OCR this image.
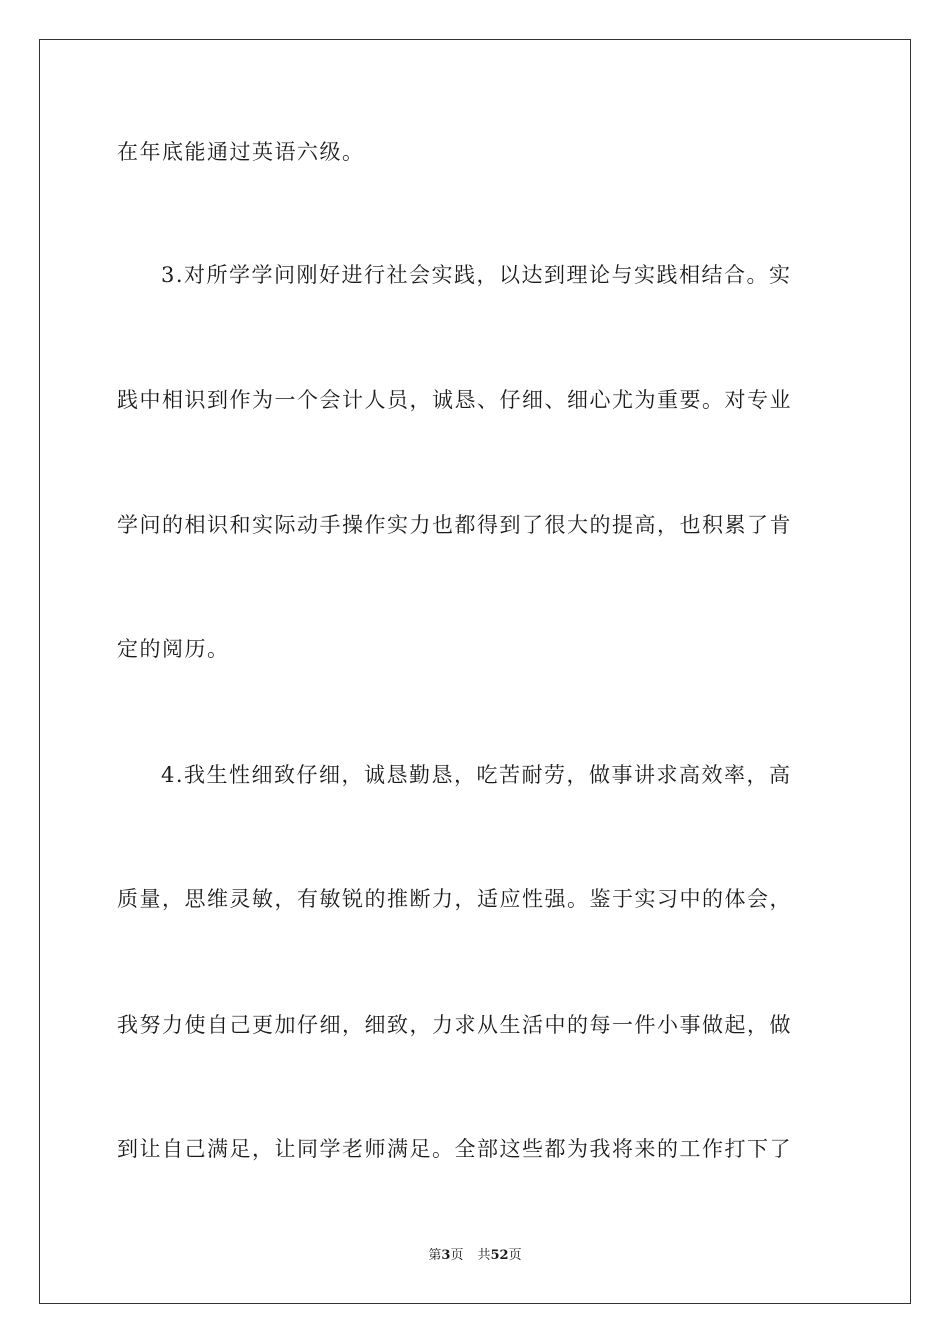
在年底能通过英语六级。
3.对所学学问刚好进行社会实践，以达到理论与实践相结合。实
践中相识到作为一个会计人员，诚恳、仔细、细心尤为重要。对专业
学问的相识和实际动手操作实力也都得到了很大的提高，也积累了肯
定的阅历。
4.我生性细致仔细，诚恳勤恳，吃苦耐劳，做事讲求高效率，高
质量，思维灵敏，有敏锐的推断力，适应性强。鉴于实习中的体会，
我努力使自己更加仔细，细致，力求从生活中的每一件小事做起，做
到让自己满足，让同学老师满足。全部这些都为我将来的工作打下了
第3页 共52页
